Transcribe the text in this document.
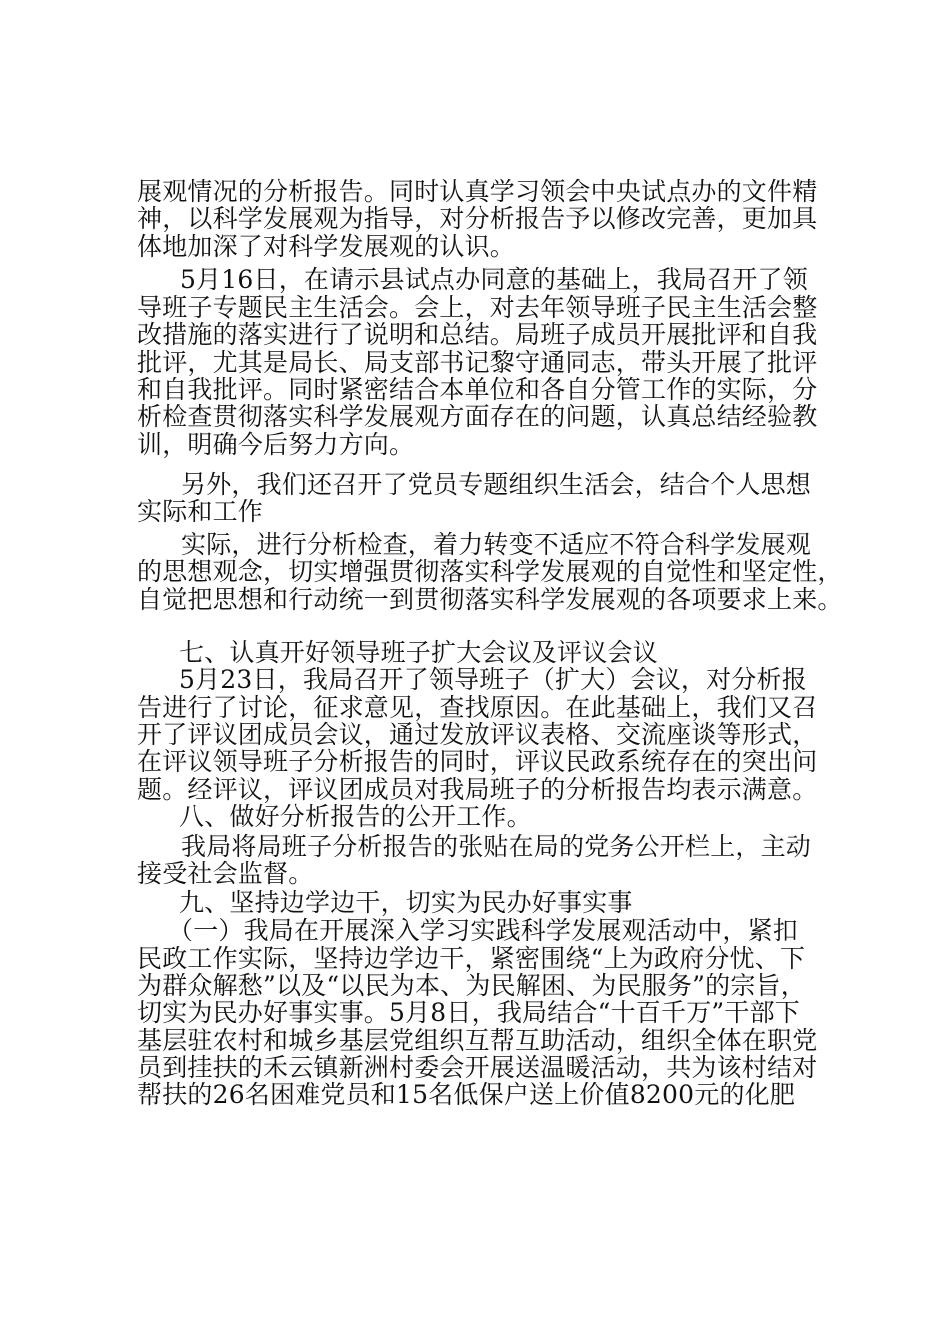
展观情况的分析报告。同时认真学习领会中央试点办的文件精
神，以科学发展观为指导，对分析报告予以修改完善，更加具
体地加深了对科学发展观的认识。
5月16日，在请示县试点办同意的基础上，我局召开了领
导班子专题民主生活会。会上，对去年领导班子民主生活会整
改措施的落实进行了说明和总结。局班子成员开展批评和自我
批评，尤其是局长、局支部书记黎守通同志，带头开展了批评
和自我批评。同时紧密结合本单位和各自分管工作的实际，分
析检查贯彻落实科学发展观方面存在的问题，认真总结经验教
训，明确今后努力方向。
另外，我们还召开了党员专题组织生活会，结合个人思想
实际和工作
实际，进行分析检查，着力转变不适应不符合科学发展观
的思想观念，切实增强贯彻落实科学发展观的自觉性和坚定性，
自觉把思想和行动统一到贯彻落实科学发展观的各项要求上来。
七、认真开好领导班子扩大会议及评议会议
5月23日，我局召开了领导班子（扩大）会议，对分析报
告进行了讨论，征求意见，查找原因。在此基础上，我们又召
开了评议团成员会议，通过发放评议表格、交流座谈等形式，
在评议领导班子分析报告的同时，评议民政系统存在的突出问
题。经评议，评议团成员对我局班子的分析报告均表示满意。
八、做好分析报告的公开工作。
我局将局班子分析报告的张贴在局的党务公开栏上，主动
接受社会监督。
九、坚持边学边干，切实为民办好事实事
（一）我局在开展深入学习实践科学发展观活动中，紧扣
民政工作实际，坚持边学边干，紧密围绕“上为政府分忧、下
为群众解愁”以及“以民为本、为民解困、为民服务”的宗旨，
切实为民办好事实事。5月8日，我局结合“十百千万”干部下
基层驻农村和城乡基层党组织互帮互助活动，组织全体在职党
员到挂扶的禾云镇新洲村委会开展送温暖活动，共为该村结对
帮扶的26名困难党员和15名低保户送上价值8200元的化肥
